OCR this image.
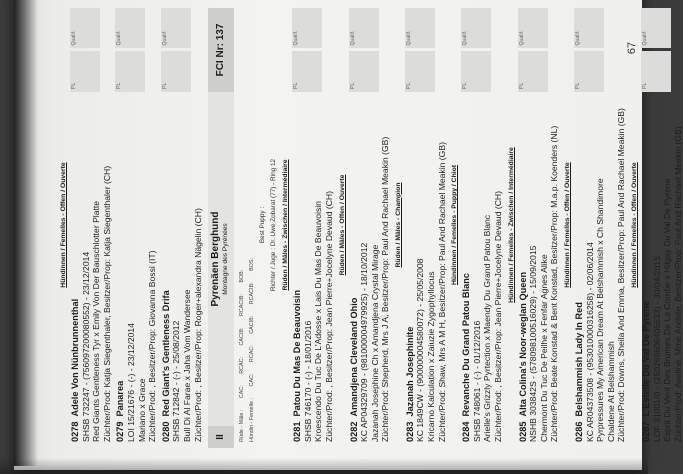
Hündinnen / Femelles - Offen / Ouverte
0278Adele Von Nünbrunnenthal SHSB 732247 - (756097200080552) - 23/12/2014 Red Giants Gentleness Tyr x Emily Von Der Bauschlotter Platte Züchter/Prod: Katja Siegenthaler, Besitzer/Prop: Katja Siegenthaler (CH)
PL
Qualif.
0279Panarea LOI 15/21676 - (-) - 23/12/2014 Mariano x Grace Züchter/Prod: , Besitzer/Prop: Giovanna Bossi (IT)
PL
Qualif.
0280Red Giant's Gentleness Drifa SHSB 712842 - (-) - 25/08/2012 Bull Di Al Farae x Jaha Vom Wandersee Züchter/Prod: , Besitzer/Prop: Roger+alexandra Nägelin (CH)
PL
Qualif.
II
Pyrenäen Berghund Montagne des Pyrénées
FCI Nr: 137
Rüde - Mâle : CAC: RCAC: CACIB: RCACIB: BOB:
Hündin - Femelle : CAC: RCAC: CACIB: RCACIB: BOS:
Best Puppy : Richter / Juge : Dr. Uwe Zobarat (77) - Ring 12 Rüden / Mâles - Zwischen / Intermédiaire
0281Patou Du Mas De Beauvoisin SHSB 746170 - (-) - 18/01/2016 Kroescendo Du Tuc De L'Adosse x Lais Du Mas De Beauvoisin Züchter/Prod: , Besitzer/Prop: Jean Pierre+Jocelyne Devaud (CH)
PL
Qualif.
Rüden / Mâles - Offen / Ouverte
0282Amandjena Cleveland Ohio KC AP04329709 - (981000004979925) - 18/10/2012 Jazanah Josephine Ch x Amandjena Crystal Mirage Züchter/Prod: Shepherd, Mrs J A, Besitzer/Prop: Paul And Rachael Meakin (GB)
PL
Qualif.
Rüden / Mâles - Champion
0283Jazanah Josephinite KC 1849CW - (900000004580072) - 25/05/2008 Kricarno Kalculation x Zaiuzie Zygophyllocus Züchter/Prod: Shaw, Mrs A M H, Besitzer/Prop: Paul And Rachael Meakin (GB)
PL
Qualif.
Hündinnen / Femelles - Puppy / Chiot
0284Revanche Du Grand Patou Blanc SHSB 748061 - (-) - 01/12/2016 Arielle's Grizzly Pyrtection x Maendy Du Grand Patou Blanc Züchter/Prod: , Besitzer/Prop: Jean Pierre+Jocelyne Devaud (CH)
PL
Qualif.
Hündinnen / Femelles - Zwischen / Intermédiaire
0285Alta Colina's Noor-weglan Queen NSHB 303842S - (578098100516029) - 15/09/2015 Chermont Du Tuc De Peilhe x Fenfar Agnes Alike Züchter/Prod: Beate Konstad & Bent Konstad, Besitzer/Prop: M.a.p. Koenders (NL)
PL
Qualif.
Hündinnen / Femelles - Offen / Ouverte
0286Belshammish Lady In Red KC AR04373508 - (953010000316258) - 02/06/2014 Pyrpressures My American Dream At Belshammish x Ch Shandimore Chaldene At Belshammish Züchter/Prod: Downs, Sheila And Emma, Besitzer/Prop: Paul And Rachael Meakin (GB)
PL
Qualif.
Hündinnen / Femelles - Offen / Ouverte
0287L'Estelle Du Val De Pyrene LOF 31001/0 - (250269606405633) - 30/04/2015 Esprit Du Vent Des Brumes De La Combe x Hilgay Du Val De Pyrene Züchter/Prod: Aveline, Mme Andrée, Besitzer/Prop: Paul And Rachael Meakin (GB)
PL
Qualif.
67
